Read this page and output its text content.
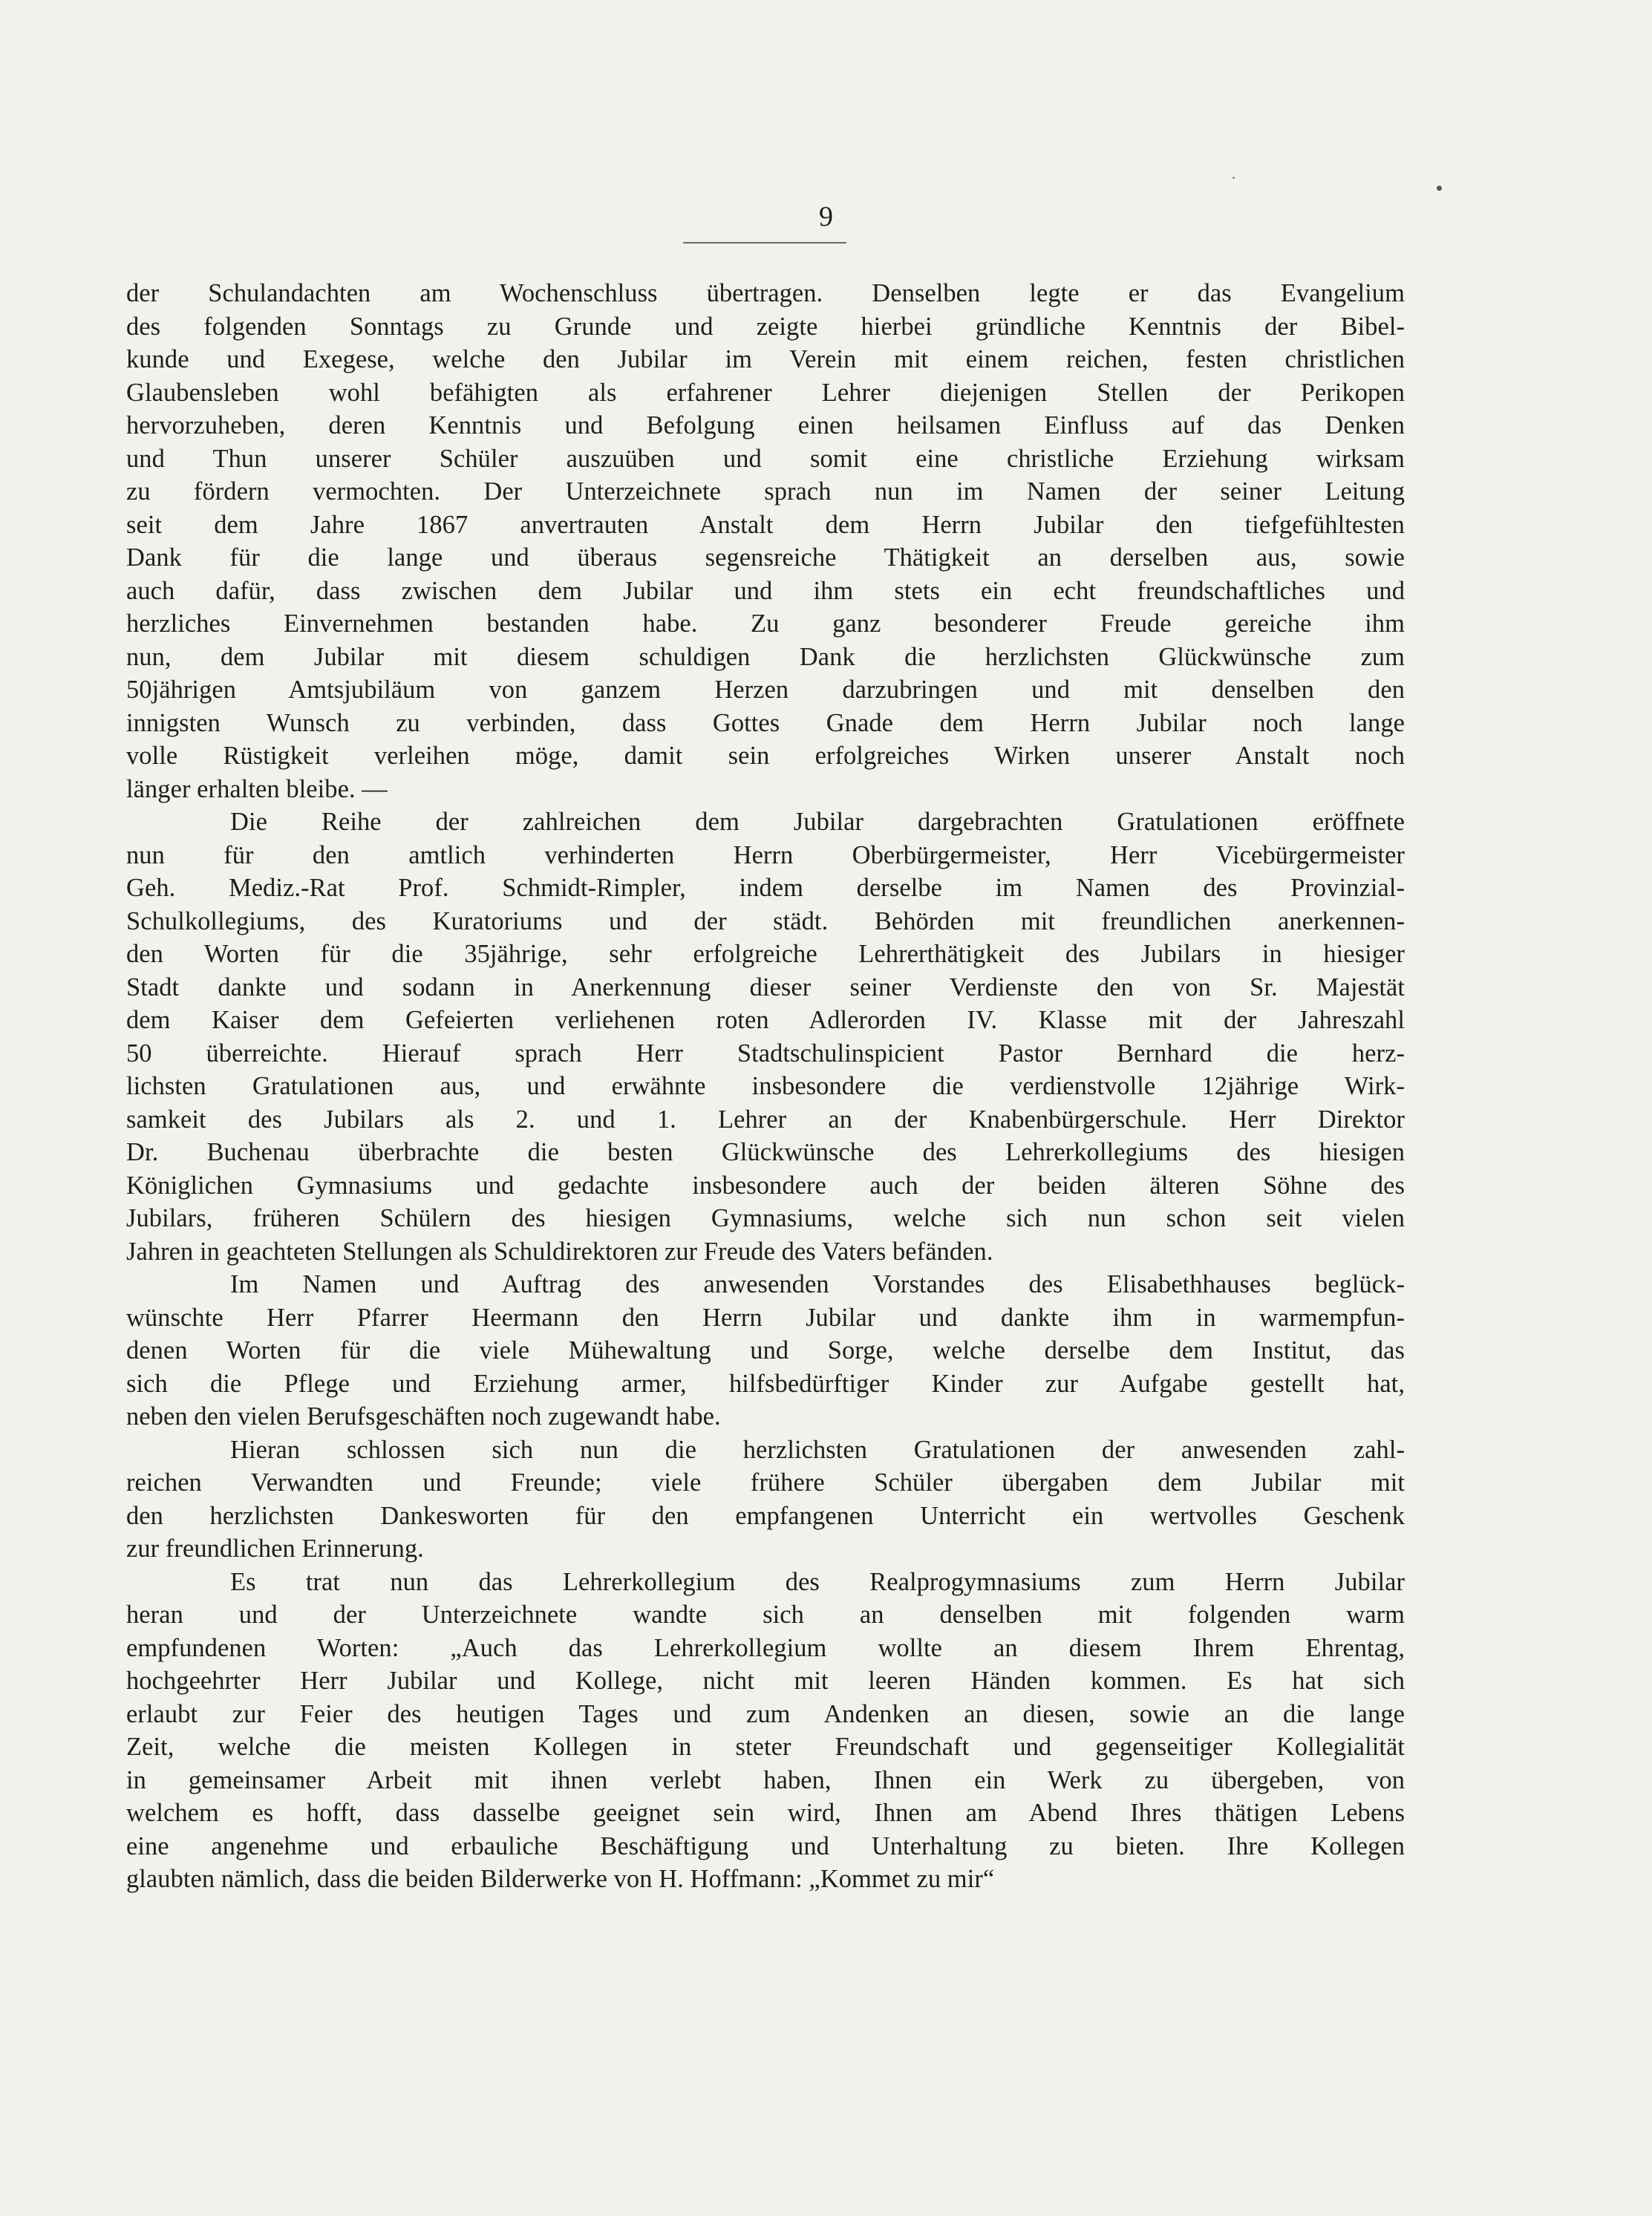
9

der Schulandachten am Wochenschluss übertragen. Denselben legte er das Evangelium
des folgenden Sonntags zu Grunde und zeigte hierbei gründliche Kenntnis der Bibel-
kunde und Exegese, welche den Jubilar im Verein mit einem reichen, festen christlichen
Glaubensleben wohl befähigten als erfahrener Lehrer diejenigen Stellen der Perikopen
hervorzuheben, deren Kenntnis und Befolgung einen heilsamen Einfluss auf das Denken
und Thun unserer Schüler auszuüben und somit eine christliche Erziehung wirksam
zu fördern vermochten. Der Unterzeichnete sprach nun im Namen der seiner Leitung
seit dem Jahre 1867 anvertrauten Anstalt dem Herrn Jubilar den tiefgefühltesten
Dank für die lange und überaus segensreiche Thätigkeit an derselben aus, sowie
auch dafür, dass zwischen dem Jubilar und ihm stets ein echt freundschaftliches und
herzliches Einvernehmen bestanden habe. Zu ganz besonderer Freude gereiche ihm
nun, dem Jubilar mit diesem schuldigen Dank die herzlichsten Glückwünsche zum
50jährigen Amtsjubiläum von ganzem Herzen darzubringen und mit denselben den
innigsten Wunsch zu verbinden, dass Gottes Gnade dem Herrn Jubilar noch lange
volle Rüstigkeit verleihen möge, damit sein erfolgreiches Wirken unserer Anstalt noch
länger erhalten bleibe. —

Die Reihe der zahlreichen dem Jubilar dargebrachten Gratulationen eröffnete
nun für den amtlich verhinderten Herrn Oberbürgermeister, Herr Vicebürgermeister
Geh. Mediz.-Rat Prof. Schmidt-Rimpler, indem derselbe im Namen des Provinzial-
Schulkollegiums, des Kuratoriums und der städt. Behörden mit freundlichen anerkennen-
den Worten für die 35jährige, sehr erfolgreiche Lehrerthätigkeit des Jubilars in hiesiger
Stadt dankte und sodann in Anerkennung dieser seiner Verdienste den von Sr. Majestät
dem Kaiser dem Gefeierten verliehenen roten Adlerorden IV. Klasse mit der Jahreszahl
50 überreichte. Hierauf sprach Herr Stadtschulinspicient Pastor Bernhard die herz-
lichsten Gratulationen aus, und erwähnte insbesondere die verdienstvolle 12jährige Wirk-
samkeit des Jubilars als 2. und 1. Lehrer an der Knabenbürgerschule. Herr Direktor
Dr. Buchenau überbrachte die besten Glückwünsche des Lehrerkollegiums des hiesigen
Königlichen Gymnasiums und gedachte insbesondere auch der beiden älteren Söhne des
Jubilars, früheren Schülern des hiesigen Gymnasiums, welche sich nun schon seit vielen
Jahren in geachteten Stellungen als Schuldirektoren zur Freude des Vaters befänden.

Im Namen und Auftrag des anwesenden Vorstandes des Elisabethhauses beglück-
wünschte Herr Pfarrer Heermann den Herrn Jubilar und dankte ihm in warmempfun-
denen Worten für die viele Mühewaltung und Sorge, welche derselbe dem Institut, das
sich die Pflege und Erziehung armer, hilfsbedürftiger Kinder zur Aufgabe gestellt hat,
neben den vielen Berufsgeschäften noch zugewandt habe.

Hieran schlossen sich nun die herzlichsten Gratulationen der anwesenden zahl-
reichen Verwandten und Freunde; viele frühere Schüler übergaben dem Jubilar mit
den herzlichsten Dankesworten für den empfangenen Unterricht ein wertvolles Geschenk
zur freundlichen Erinnerung.

Es trat nun das Lehrerkollegium des Realprogymnasiums zum Herrn Jubilar
heran und der Unterzeichnete wandte sich an denselben mit folgenden warm
empfundenen Worten: „Auch das Lehrerkollegium wollte an diesem Ihrem Ehrentag,
hochgeehrter Herr Jubilar und Kollege, nicht mit leeren Händen kommen. Es hat sich
erlaubt zur Feier des heutigen Tages und zum Andenken an diesen, sowie an die lange
Zeit, welche die meisten Kollegen in steter Freundschaft und gegenseitiger Kollegialität
in gemeinsamer Arbeit mit ihnen verlebt haben, Ihnen ein Werk zu übergeben, von
welchem es hofft, dass dasselbe geeignet sein wird, Ihnen am Abend Ihres thätigen Lebens
eine angenehme und erbauliche Beschäftigung und Unterhaltung zu bieten. Ihre Kollegen
glaubten nämlich, dass die beiden Bilderwerke von H. Hoffmann: „Kommet zu mir“
